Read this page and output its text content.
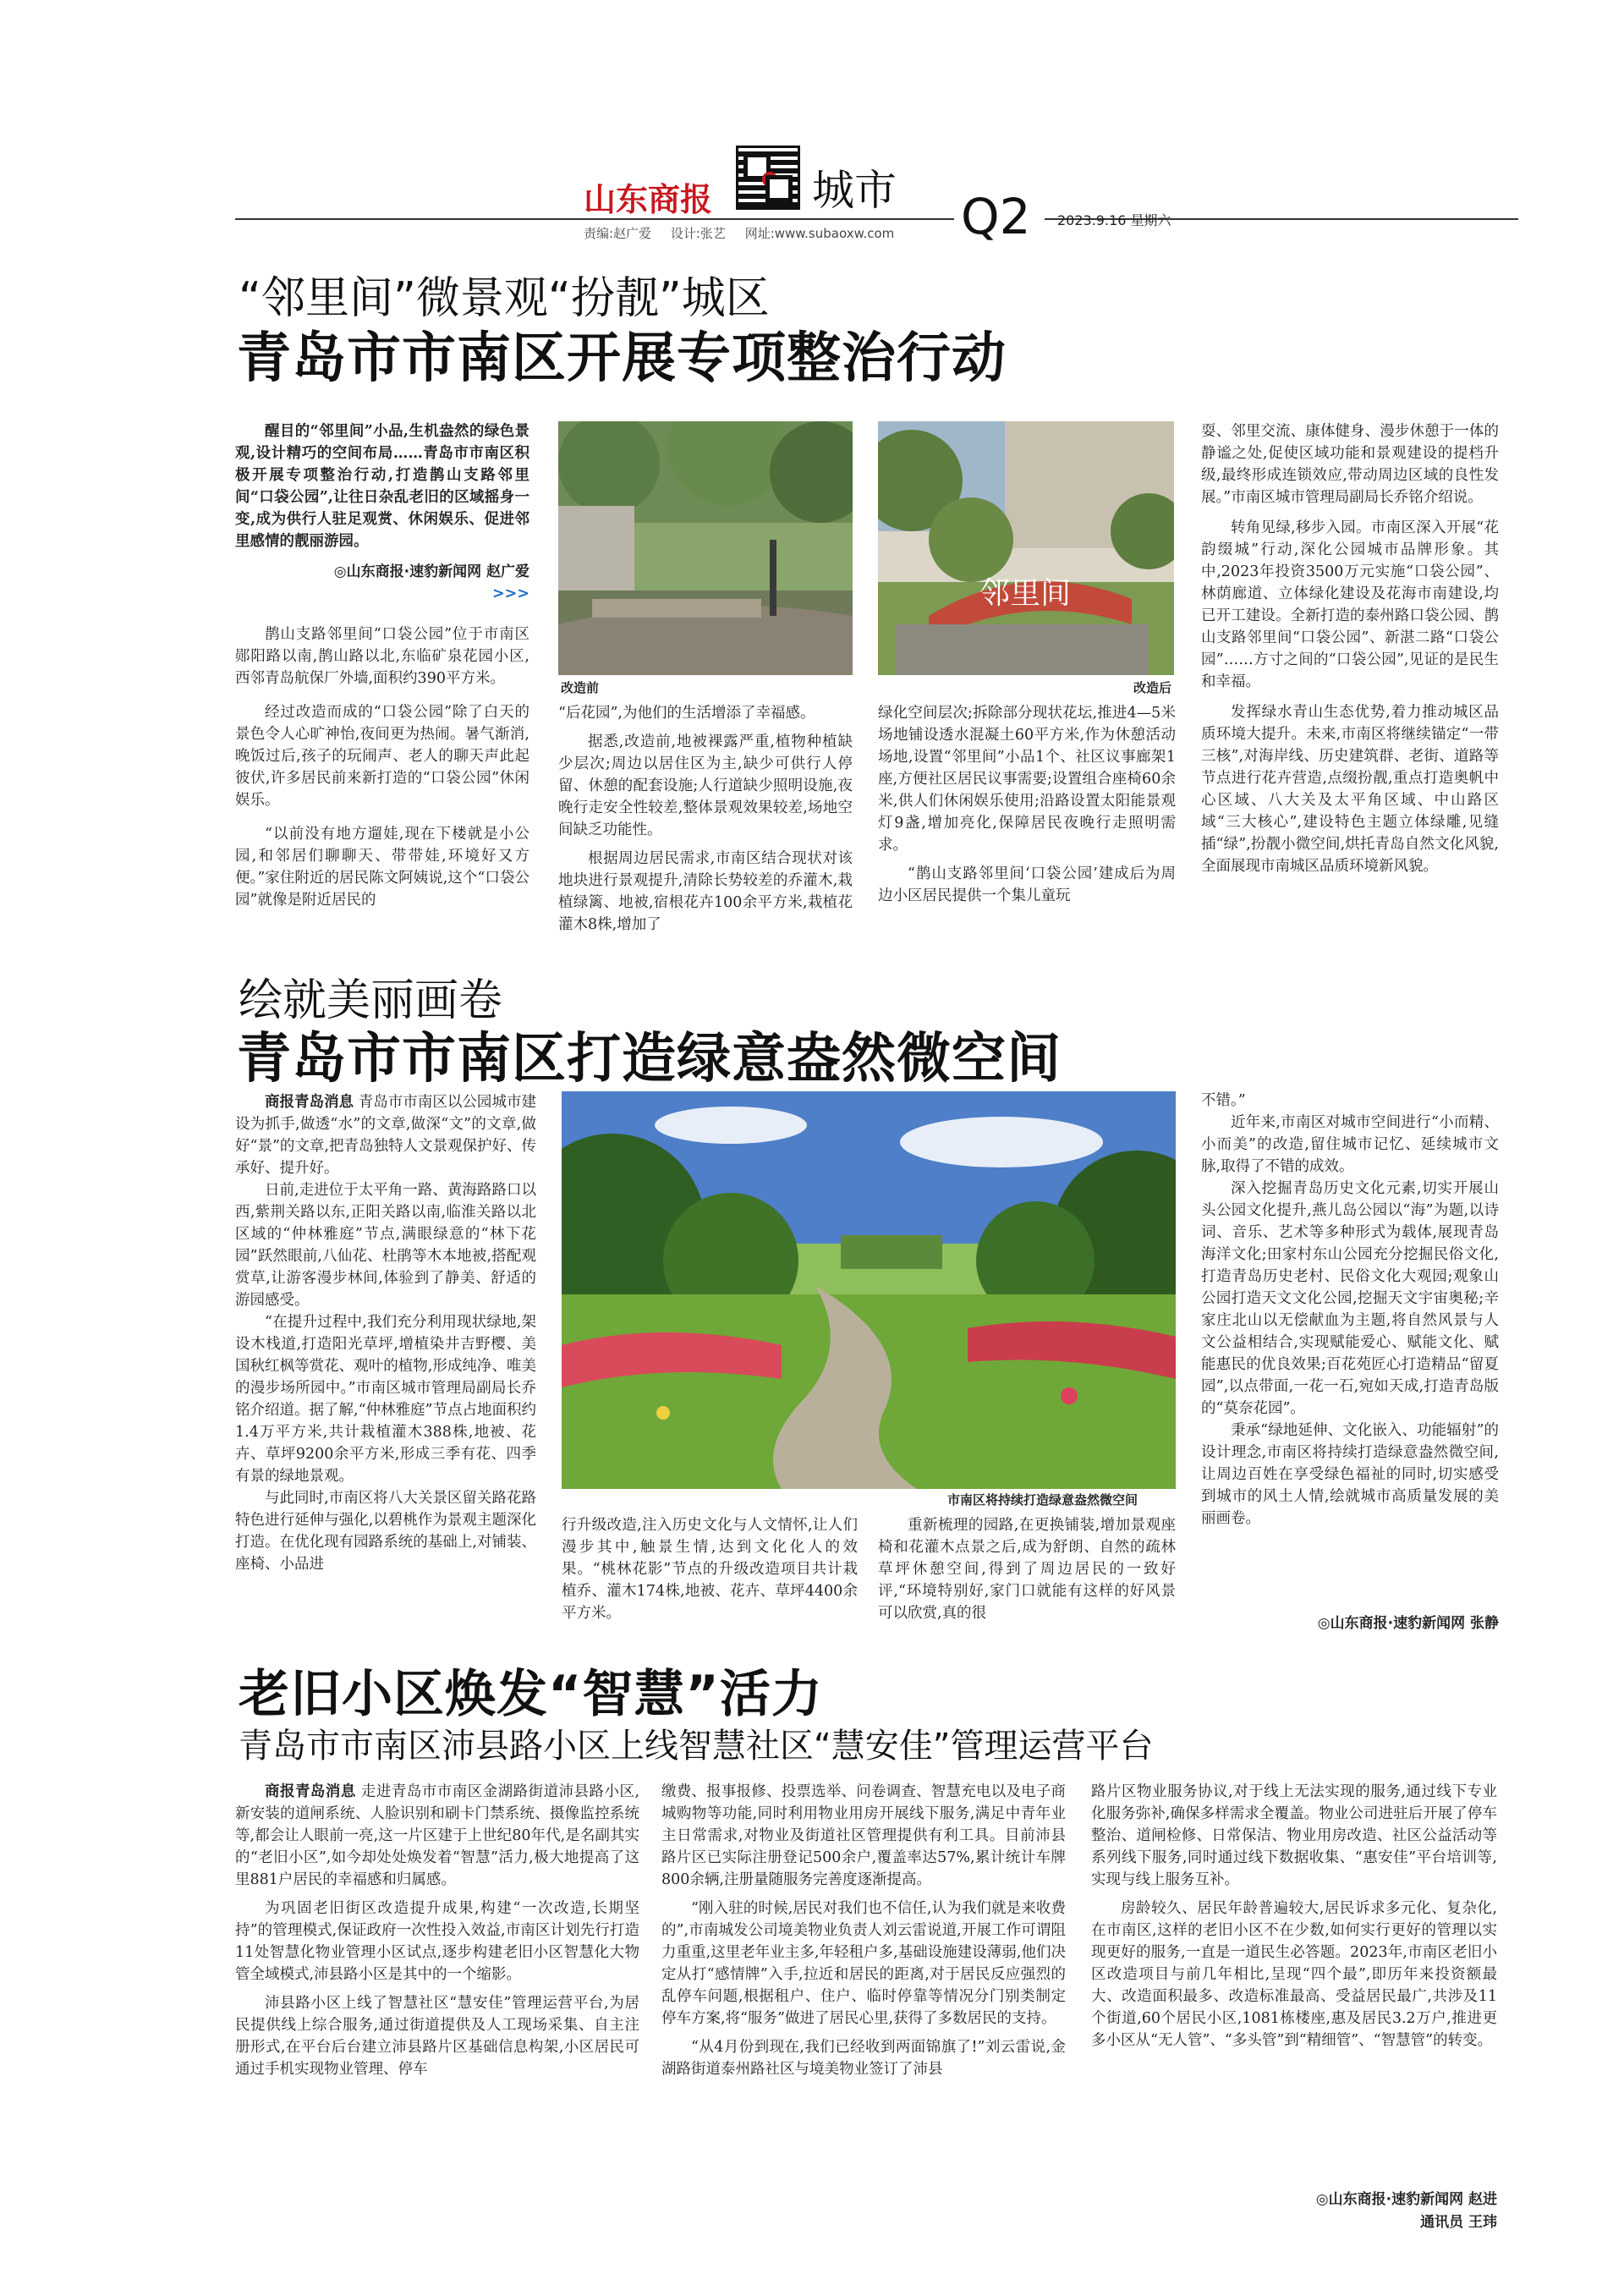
山东商报 城市
责编:赵广爱 设计:张艺 网址:www.subaoxw.com	Q2 2023.9.16 星期六
“邻里间”微景观“扮靓”城区
青岛市市南区开展专项整治行动

醒目的“邻里间”小品,生机盎然的绿色景观,设计精巧的空间布局……青岛市市南区积极开展专项整治行动,打造鹊山支路邻里间“口袋公园”,让往日杂乱老旧的区域摇身一变,成为供行人驻足观赏、休闲娱乐、促进邻里感情的靓丽游园。

◎山东商报·速豹新闻网 赵广爱
>>>

鹊山支路邻里间“口袋公园”位于市南区郧阳路以南,鹊山路以北,东临矿泉花园小区,西邻青岛航保厂外墙,面积约390平方米。

经过改造而成的“口袋公园”除了白天的景色令人心旷神怡,夜间更为热闹。暑气渐消,晚饭过后,孩子的玩闹声、老人的聊天声此起彼伏,许多居民前来新打造的“口袋公园”休闲娱乐。

“以前没有地方遛娃,现在下楼就是小公园,和邻居们聊聊天、带带娃,环境好又方便。”家住附近的居民陈文阿姨说,这个“口袋公园”就像是附近居民的

改造前

“后花园”,为他们的生活增添了幸福感。

据悉,改造前,地被裸露严重,植物种植缺少层次;周边以居住区为主,缺少可供行人停留、休憩的配套设施;人行道缺少照明设施,夜晚行走安全性较差,整体景观效果较差,场地空间缺乏功能性。

根据周边居民需求,市南区结合现状对该地块进行景观提升,清除长势较差的乔灌木,栽植绿篱、地被,宿根花卉100余平方米,栽植花灌木8株,增加了

邻里间
改造后

绿化空间层次;拆除部分现状花坛,推进4—5米场地铺设透水混凝土60平方米,作为休憩活动场地,设置“邻里间”小品1个、社区议事廊架1座,方便社区居民议事需要;设置组合座椅60余米,供人们休闲娱乐使用;沿路设置太阳能景观灯9盏,增加亮化,保障居民夜晚行走照明需求。

“鹊山支路邻里间‘口袋公园’建成后为周边小区居民提供一个集儿童玩

耍、邻里交流、康体健身、漫步休憩于一体的静谧之处,促使区域功能和景观建设的提档升级,最终形成连锁效应,带动周边区域的良性发展。”市南区城市管理局副局长乔铭介绍说。

转角见绿,移步入园。市南区深入开展“花韵缀城”行动,深化公园城市品牌形象。其中,2023年投资3500万元实施“口袋公园”、林荫廊道、立体绿化建设及花海市南建设,均已开工建设。全新打造的泰州路口袋公园、鹊山支路邻里间“口袋公园”、新湛二路“口袋公园”……方寸之间的“口袋公园”,见证的是民生和幸福。

发挥绿水青山生态优势,着力推动城区品质环境大提升。未来,市南区将继续锚定“一带三核”,对海岸线、历史建筑群、老街、道路等节点进行花卉营造,点缀扮靓,重点打造奥帆中心区域、八大关及太平角区域、中山路区域“三大核心”,建设特色主题立体绿雕,见缝插“绿”,扮靓小微空间,烘托青岛自然文化风貌,全面展现市南城区品质环境新风貌。

绘就美丽画卷
青岛市市南区打造绿意盎然微空间

商报青岛消息 青岛市市南区以公园城市建设为抓手,做透“水”的文章,做深“文”的文章,做好“景”的文章,把青岛独特人文景观保护好、传承好、提升好。

日前,走进位于太平角一路、黄海路路口以西,紫荆关路以东,正阳关路以南,临淮关路以北区域的“仲林雅庭”节点,满眼绿意的“林下花园”跃然眼前,八仙花、杜鹃等木本地被,搭配观赏草,让游客漫步林间,体验到了静美、舒适的游园感受。

“在提升过程中,我们充分利用现状绿地,架设木栈道,打造阳光草坪,增植染井吉野樱、美国秋红枫等赏花、观叶的植物,形成纯净、唯美的漫步场所园中。”市南区城市管理局副局长乔铭介绍道。据了解,“仲林雅庭”节点占地面积约1.4万平方米,共计栽植灌木388株,地被、花卉、草坪9200余平方米,形成三季有花、四季有景的绿地景观。

与此同时,市南区将八大关景区留关路花路特色进行延伸与强化,以碧桃作为景观主题深化打造。在优化现有园路系统的基础上,对铺装、座椅、小品进

市南区将持续打造绿意盎然微空间

行升级改造,注入历史文化与人文情怀,让人们漫步其中,触景生情,达到文化化人的效果。“桃林花影”节点的升级改造项目共计栽植乔、灌木174株,地被、花卉、草坪4400余平方米。

重新梳理的园路,在更换铺装,增加景观座椅和花灌木点景之后,成为舒朗、自然的疏林草坪休憩空间,得到了周边居民的一致好评,“环境特别好,家门口就能有这样的好风景可以欣赏,真的很

不错。”

近年来,市南区对城市空间进行“小而精、小而美”的改造,留住城市记忆、延续城市文脉,取得了不错的成效。

深入挖掘青岛历史文化元素,切实开展山头公园文化提升,燕儿岛公园以“海”为题,以诗词、音乐、艺术等多种形式为载体,展现青岛海洋文化;田家村东山公园充分挖掘民俗文化,打造青岛历史老村、民俗文化大观园;观象山公园打造天文文化公园,挖掘天文宇宙奥秘;辛家庄北山以无偿献血为主题,将自然风景与人文公益相结合,实现赋能爱心、赋能文化、赋能惠民的优良效果;百花苑匠心打造精品“留夏园”,以点带面,一花一石,宛如天成,打造青岛版的“莫奈花园”。

秉承“绿地延伸、文化嵌入、功能辐射”的设计理念,市南区将持续打造绿意盎然微空间,让周边百姓在享受绿色福祉的同时,切实感受到城市的风土人情,绘就城市高质量发展的美丽画卷。

◎山东商报·速豹新闻网 张静
老旧小区焕发“智慧”活力
青岛市市南区沛县路小区上线智慧社区“慧安佳”管理运营平台

商报青岛消息 走进青岛市市南区金湖路街道沛县路小区,新安装的道闸系统、人脸识别和刷卡门禁系统、摄像监控系统等,都会让人眼前一亮,这一片区建于上世纪80年代,是名副其实的“老旧小区”,如今却处处焕发着“智慧”活力,极大地提高了这里881户居民的幸福感和归属感。

为巩固老旧街区改造提升成果,构建“一次改造,长期坚持”的管理模式,保证政府一次性投入效益,市南区计划先行打造11处智慧化物业管理小区试点,逐步构建老旧小区智慧化大物管全域模式,沛县路小区是其中的一个缩影。

沛县路小区上线了智慧社区“慧安佳”管理运营平台,为居民提供线上综合服务,通过街道提供及人工现场采集、自主注册形式,在平台后台建立沛县路片区基础信息构架,小区居民可通过手机实现物业管理、停车

缴费、报事报修、投票选举、问卷调查、智慧充电以及电子商城购物等功能,同时利用物业用房开展线下服务,满足中青年业主日常需求,对物业及街道社区管理提供有利工具。目前沛县路片区已实际注册登记500余户,覆盖率达57%,累计统计车牌800余辆,注册量随服务完善度逐渐提高。

“刚入驻的时候,居民对我们也不信任,认为我们就是来收费的”,市南城发公司境美物业负责人刘云雷说道,开展工作可谓阻力重重,这里老年业主多,年轻租户多,基础设施建设薄弱,他们决定从打“感情牌”入手,拉近和居民的距离,对于居民反应强烈的乱停车问题,根据租户、住户、临时停靠等情况分门别类制定停车方案,将“服务”做进了居民心里,获得了多数居民的支持。

“从4月份到现在,我们已经收到两面锦旗了!”刘云雷说,金湖路街道泰州路社区与境美物业签订了沛县

路片区物业服务协议,对于线上无法实现的服务,通过线下专业化服务弥补,确保多样需求全覆盖。物业公司进驻后开展了停车整治、道闸检修、日常保洁、物业用房改造、社区公益活动等系列线下服务,同时通过线下数据收集、“惠安佳”平台培训等,实现与线上服务互补。

房龄较久、居民年龄普遍较大,居民诉求多元化、复杂化,在市南区,这样的老旧小区不在少数,如何实行更好的管理以实现更好的服务,一直是一道民生必答题。2023年,市南区老旧小区改造项目与前几年相比,呈现“四个最”,即历年来投资额最大、改造面积最多、改造标准最高、受益居民最广,共涉及11个街道,60个居民小区,1081栋楼座,惠及居民3.2万户,推进更多小区从“无人管”、“多头管”到“精细管”、“智慧管”的转变。

◎山东商报·速豹新闻网 赵进
通讯员 王玮
